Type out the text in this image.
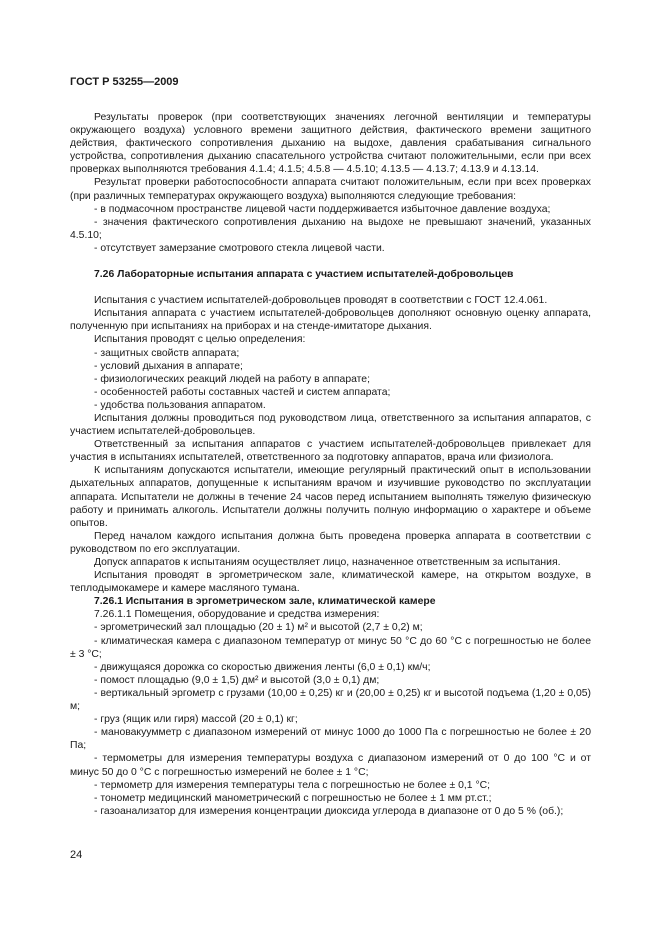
ГОСТ Р 53255—2009

Результаты проверок (при соответствующих значениях легочной вентиляции и температуры окружающего воздуха) условного времени защитного действия, фактического времени защитного действия, фактического сопротивления дыханию на выдохе, давления срабатывания сигнального устройства, сопротивления дыханию спасательного устройства считают положительными, если при всех проверках выполняются требования 4.1.4; 4.1.5; 4.5.8 — 4.5.10; 4.13.5 — 4.13.7; 4.13.9 и 4.13.14.

Результат проверки работоспособности аппарата считают положительным, если при всех проверках (при различных температурах окружающего воздуха) выполняются следующие требования:

- в подмасочном пространстве лицевой части поддерживается избыточное давление воздуха;

- значения фактического сопротивления дыханию на выдохе не превышают значений, указанных 4.5.10;

- отсутствует замерзание смотрового стекла лицевой части.

7.26 Лабораторные испытания аппарата с участием испытателей-добровольцев

Испытания с участием испытателей-добровольцев проводят в соответствии с ГОСТ 12.4.061.

Испытания аппарата с участием испытателей-добровольцев дополняют основную оценку аппарата, полученную при испытаниях на приборах и на стенде-имитаторе дыхания.

Испытания проводят с целью определения:

- защитных свойств аппарата;

- условий дыхания в аппарате;

- физиологических реакций людей на работу в аппарате;

- особенностей работы составных частей и систем аппарата;

- удобства пользования аппаратом.

Испытания должны проводиться под руководством лица, ответственного за испытания аппаратов, с участием испытателей-добровольцев.

Ответственный за испытания аппаратов с участием испытателей-добровольцев привлекает для участия в испытаниях испытателей, ответственного за подготовку аппаратов, врача или физиолога.

К испытаниям допускаются испытатели, имеющие регулярный практический опыт в использовании дыхательных аппаратов, допущенные к испытаниям врачом и изучившие руководство по эксплуатации аппарата. Испытатели не должны в течение 24 часов перед испытанием выполнять тяжелую физическую работу и принимать алкоголь. Испытатели должны получить полную информацию о характере и объеме опытов.

Перед началом каждого испытания должна быть проведена проверка аппарата в соответствии с руководством по его эксплуатации.

Допуск аппаратов к испытаниям осуществляет лицо, назначенное ответственным за испытания.

Испытания проводят в эргометрическом зале, климатической камере, на открытом воздухе, в теплодымокамере и камере масляного тумана.

7.26.1 Испытания в эргометрическом зале, климатической камере

7.26.1.1 Помещения, оборудование и средства измерения:

- эргометрический зал площадью (20 ± 1) м² и высотой (2,7 ± 0,2) м;

- климатическая камера с диапазоном температур от минус 50 °С до 60 °С с погрешностью не более ± 3 °С;

- движущаяся дорожка со скоростью движения ленты (6,0 ± 0,1) км/ч;

- помост площадью (9,0 ± 1,5) дм² и высотой (3,0 ± 0,1) дм;

- вертикальный эргометр с грузами (10,00 ± 0,25) кг и (20,00 ± 0,25) кг и высотой подъема (1,20 ± 0,05) м;

- груз (ящик или гиря) массой (20 ± 0,1) кг;

- мановакуумметр с диапазоном измерений от минус 1000 до 1000 Па с погрешностью не более ± 20 Па;

- термометры для измерения температуры воздуха с диапазоном измерений от 0 до 100 °С и от минус 50 до 0 °С с погрешностью измерений не более ± 1 °С;

- термометр для измерения температуры тела с погрешностью не более ± 0,1 °С;

- тонометр медицинский манометрический с погрешностью не более ± 1 мм рт.ст.;

- газоанализатор для измерения концентрации диоксида углерода в диапазоне от 0 до 5 % (об.);

24
